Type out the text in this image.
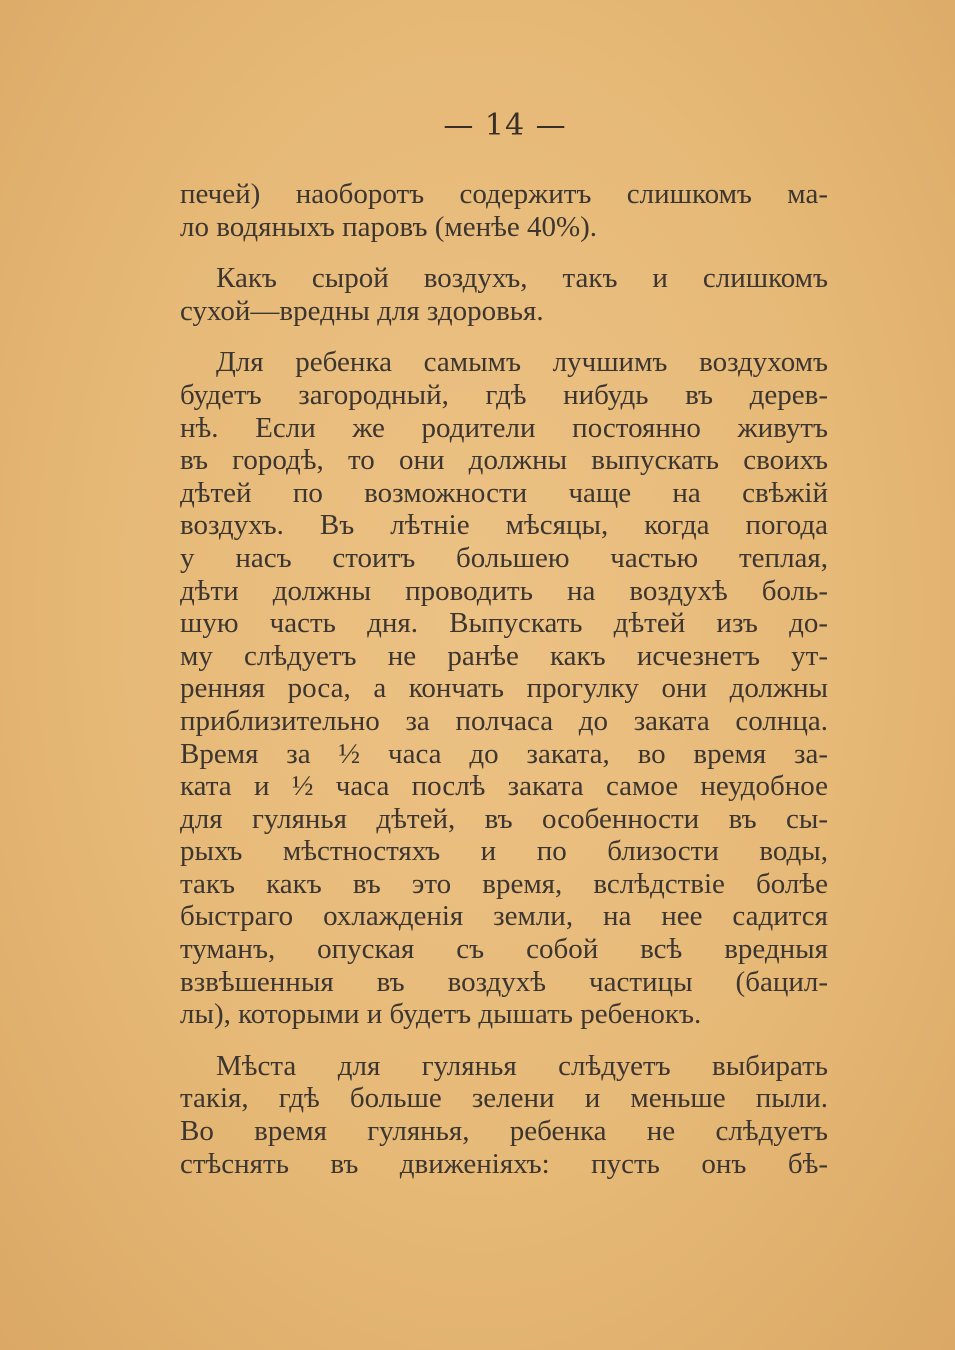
— 14 —
печей) наоборотъ содержитъ слишкомъ ма-
ло водяныхъ паровъ (менѣе 40%).
Какъ сырой воздухъ, такъ и слишкомъ
сухой—вредны для здоровья.
Для ребенка самымъ лучшимъ воздухомъ
будетъ загородный, гдѣ нибудь въ дерев-
нѣ. Если же родители постоянно живутъ
въ городѣ, то они должны выпускать своихъ
дѣтей по возможности чаще на свѣжій
воздухъ. Въ лѣтніе мѣсяцы, когда погода
у насъ стоитъ большею частью теплая,
дѣти должны проводить на воздухѣ боль-
шую часть дня. Выпускать дѣтей изъ до-
му слѣдуетъ не ранѣе какъ исчезнетъ ут-
ренняя роса, а кончать прогулку они должны
приблизительно за полчаса до заката солнца.
Время за ½ часа до заката, во время за-
ката и ½ часа послѣ заката самое неудобное
для гулянья дѣтей, въ особенности въ сы-
рыхъ мѣстностяхъ и по близости воды,
такъ какъ въ это время, вслѣдствіе болѣе
быстраго охлажденія земли, на нее садится
туманъ, опуская съ собой всѣ вредныя
взвѣшенныя въ воздухѣ частицы (бацил-
лы), которыми и будетъ дышать ребенокъ.
Мѣста для гулянья слѣдуетъ выбирать
такія, гдѣ больше зелени и меньше пыли.
Во время гулянья, ребенка не слѣдуетъ
стѣснять въ движеніяхъ: пусть онъ бѣ-
